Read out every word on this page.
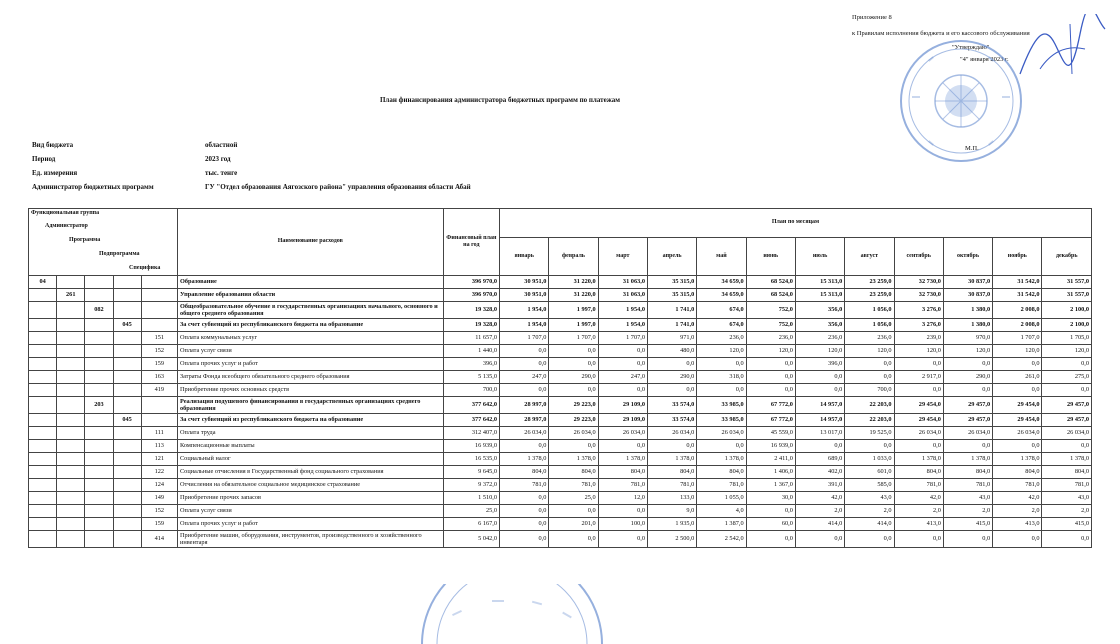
Приложение 8
к Правилам исполнения бюджета и его кассового обслуживания
"Утверждаю"
"4" января 2023 г.
План финансирования администратора бюджетных программ по платежам
Вид бюджета	областной
Период	2023 год
Ед. измерения	тыс. тенге
Администратор бюджетных программ	ГУ "Отдел образования Аягозского района" управления образования области Абай
М.П.
Функциональная группа
Администратор
Программа
Подпрограмма
Специфика					Наименование расходов	Финансовый план на год	План по месяцам											
							январь	февраль	март	апрель	май	июнь	июль	август	сентябрь	октябрь	ноябрь	декабрь
04					Образование	396 970,0	30 951,0	31 220,0	31 063,0	35 315,0	34 659,0	68 524,0	15 313,0	23 259,0	32 730,0	30 837,0	31 542,0	31 557,0
	261				Управление образования области	396 970,0	30 951,0	31 220,0	31 063,0	35 315,0	34 659,0	68 524,0	15 313,0	23 259,0	32 730,0	30 837,0	31 542,0	31 557,0
		082			Общеобразовательное обучение в государственных организациях начального, основного и общего среднего образования	19 328,0	1 954,0	1 997,0	1 954,0	1 741,0	674,0	752,0	356,0	1 056,0	3 276,0	1 380,0	2 008,0	2 100,0
			045		За счет субвенций из республиканского бюджета на образование	19 328,0	1 954,0	1 997,0	1 954,0	1 741,0	674,0	752,0	356,0	1 056,0	3 276,0	1 380,0	2 008,0	2 100,0
				151	Оплата коммунальных услуг	11 657,0	1 707,0	1 707,0	1 707,0	971,0	236,0	236,0	236,0	236,0	239,0	970,0	1 707,0	1 705,0
				152	Оплата услуг связи	1 440,0	0,0	0,0	0,0	480,0	120,0	120,0	120,0	120,0	120,0	120,0	120,0	120,0
				159	Оплата прочих услуг и работ	396,0	0,0	0,0	0,0	0,0	0,0	0,0	396,0	0,0	0,0	0,0	0,0	0,0
				163	Затраты Фонда всеобщего обязательного среднего образования	5 135,0	247,0	290,0	247,0	290,0	318,0	0,0	0,0	0,0	2 917,0	290,0	261,0	275,0
				419	Приобретение прочих основных средств	700,0	0,0	0,0	0,0	0,0	0,0	0,0	0,0	700,0	0,0	0,0	0,0	0,0
		203			Реализация подушевого финансирования в государственных организациях среднего образования	377 642,0	28 997,0	29 223,0	29 109,0	33 574,0	33 985,0	67 772,0	14 957,0	22 203,0	29 454,0	29 457,0	29 454,0	29 457,0
			045		За счет субвенций из республиканского бюджета на образование	377 642,0	28 997,0	29 223,0	29 109,0	33 574,0	33 985,0	67 772,0	14 957,0	22 203,0	29 454,0	29 457,0	29 454,0	29 457,0
				111	Оплата труда	312 407,0	26 034,0	26 034,0	26 034,0	26 034,0	26 034,0	45 559,0	13 017,0	19 525,0	26 034,0	26 034,0	26 034,0	26 034,0
				113	Компенсационные выплаты	16 939,0	0,0	0,0	0,0	0,0	0,0	16 939,0	0,0	0,0	0,0	0,0	0,0	0,0
				121	Социальный налог	16 535,0	1 378,0	1 378,0	1 378,0	1 378,0	1 378,0	2 411,0	689,0	1 033,0	1 378,0	1 378,0	1 378,0	1 378,0
				122	Социальные отчисления в Государственный фонд социального страхования	9 645,0	804,0	804,0	804,0	804,0	804,0	1 406,0	402,0	601,0	804,0	804,0	804,0	804,0
				124	Отчисления на обязательное социальное медицинское страхование	9 372,0	781,0	781,0	781,0	781,0	781,0	1 367,0	391,0	585,0	781,0	781,0	781,0	781,0
				149	Приобретение прочих запасов	1 510,0	0,0	25,0	12,0	133,0	1 055,0	30,0	42,0	43,0	42,0	43,0	42,0	43,0
				152	Оплата услуг связи	25,0	0,0	0,0	0,0	9,0	4,0	0,0	2,0	2,0	2,0	2,0	2,0	2,0
				159	Оплата прочих услуг и работ	6 167,0	0,0	201,0	100,0	1 935,0	1 387,0	60,0	414,0	414,0	413,0	415,0	413,0	415,0
				414	Приобретение машин, оборудования, инструментов, производственного и хозяйственного инвентаря	5 042,0	0,0	0,0	0,0	2 500,0	2 542,0	0,0	0,0	0,0	0,0	0,0	0,0	0,0
